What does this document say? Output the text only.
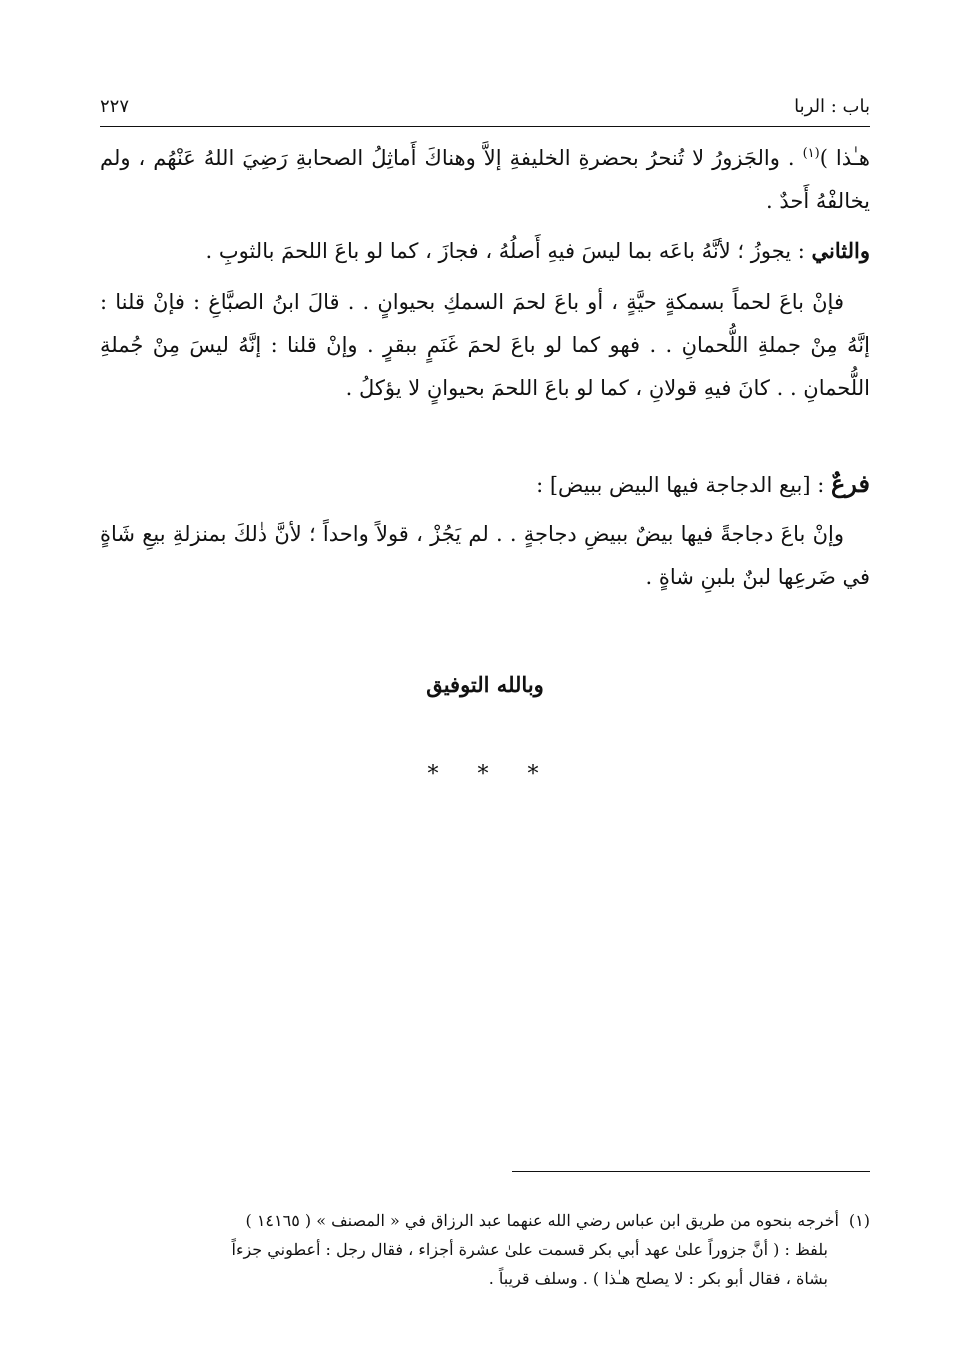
باب : الربا
٢٢٧

هـٰذا )$^{(١)}$ . والجَزورُ لا تُنحرُ بحضرةِ الخليفةِ إلاَّ وهناكَ أَماثِلُ الصحابةِ رَضِيَ اللهُ عَنْهُم ، ولم يخالفْهُ أَحدٌ .

والثاني : يجوزُ ؛ لأنَّهُ باعَه بما ليسَ فيهِ أَصلُهُ ، فجازَ ، كما لو باعَ اللحمَ بالثوبِ .

فإنْ باعَ لحماً بسمكةٍ حيَّةٍ ، أو باعَ لحمَ السمكِ بحيوانٍ . . قالَ ابنُ الصبَّاغِ : فإنْ قلنا : إنَّهُ مِنْ جملةِ اللُّحمانِ . . فهو كما لو باعَ لحمَ غَنَمٍ ببقرٍ . وإنْ قلنا : إنَّهُ ليسَ مِنْ جُملةِ اللُّحمانِ . . كانَ فيهِ قولانِ ، كما لو باعَ اللحمَ بحيوانٍ لا يؤكلُ .

فرعٌ : [بيع الدجاجة فيها البيض ببيض] :

وإنْ باعَ دجاجةً فيها بيضٌ ببيضِ دجاجةٍ . . لم يَجُزْ ، قولاً واحداً ؛ لأنَّ ذٰلكَ بمنزلةِ بيعِ شَاةٍ في ضَرعِها لبنٌ بلبنِ شاةٍ .

وبالله التوفيق
* * *
(١)أخرجه بنحوه من طريق ابن عباس رضي الله عنهما عبد الرزاق في « المصنف » ( ١٤١٦٥ )
بلفظ : ( أنَّ جزوراً علىٰ عهد أبي بكر قسمت علىٰ عشرة أجزاء ، فقال رجل : أعطوني جزءاً
بشاة ، فقال أبو بكر : لا يصلح هـٰذا ) . وسلف قريباً .
